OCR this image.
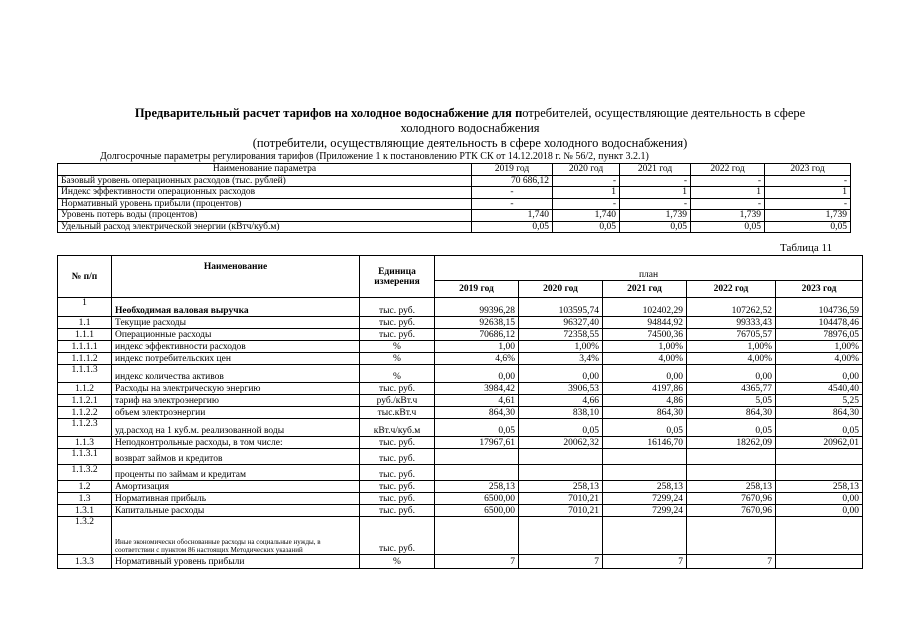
Предварительный расчет тарифов на холодное водоснабжение для потребителей, осуществляющие деятельность в сфере холодного водоснабжения
(потребители, осуществляющие деятельность в сфере холодного водоснабжения)
Долгосрочные параметры регулирования тарифов (Приложение 1 к постановлению РТК СК от 14.12.2018 г. № 56/2, пункт 3.2.1)
Наименование параметра	2019 год	2020 год	2021 год	2022 год	2023 год
Базовый уровень операционных расходов (тыс. рублей)	70 686,12	-	-	-	-
Индекс эффективности операционных расходов	-	1	1	1	1
Нормативный уровень прибыли (процентов)	-	-	-	-	-
Уровень потерь воды (процентов)	1,740	1,740	1,739	1,739	1,739
Удельный расход электрической энергии (кВтч/куб.м)	0,05	0,05	0,05	0,05	0,05
Таблица 11
№ п/п	Наименование	Единица измерения	план				
			2019 год	2020 год	2021 год	2022 год	2023 год
1	Необходимая валовая выручка	тыс. руб.	99396,28	103595,74	102402,29	107262,52	104736,59
1.1	Текущие расходы	тыс. руб.	92638,15	96327,40	94844,92	99333,43	104478,46
1.1.1	Операционные расходы	тыс. руб.	70686,12	72358,55	74500,36	76705,57	78976,05
1.1.1.1	индекс эффективности расходов	%	1,00	1,00%	1,00%	1,00%	1,00%
1.1.1.2	индекс потребительских цен	%	4,6%	3,4%	4,00%	4,00%	4,00%
1.1.1.3	индекс количества активов	%	0,00	0,00	0,00	0,00	0,00
1.1.2	Расходы на электрическую энергию	тыс. руб.	3984,42	3906,53	4197,86	4365,77	4540,40
1.1.2.1	тариф на электроэнергию	руб./кВт.ч	4,61	4,66	4,86	5,05	5,25
1.1.2.2	объем электроэнергии	тыс.кВт.ч	864,30	838,10	864,30	864,30	864,30
1.1.2.3	уд.расход на 1 куб.м. реализованной воды	кВт.ч/куб.м	0,05	0,05	0,05	0,05	0,05
1.1.3	Неподконтрольные расходы, в том числе:	тыс. руб.	17967,61	20062,32	16146,70	18262,09	20962,01
1.1.3.1	возврат займов и кредитов	тыс. руб.					
1.1.3.2	проценты по займам и кредитам	тыс. руб.					
1.2	Амортизация	тыс. руб.	258,13	258,13	258,13	258,13	258,13
1.3	Нормативная прибыль	тыс. руб.	6500,00	7010,21	7299,24	7670,96	0,00
1.3.1	Капитальные расходы	тыс. руб.	6500,00	7010,21	7299,24	7670,96	0,00
1.3.2	Иные экономически обоснованные расходы на социальные нужды, в соответствии с пунктом 86 настоящих Методических указаний	тыс. руб.					
1.3.3	Нормативный уровень прибыли	%	7	7	7	7	
